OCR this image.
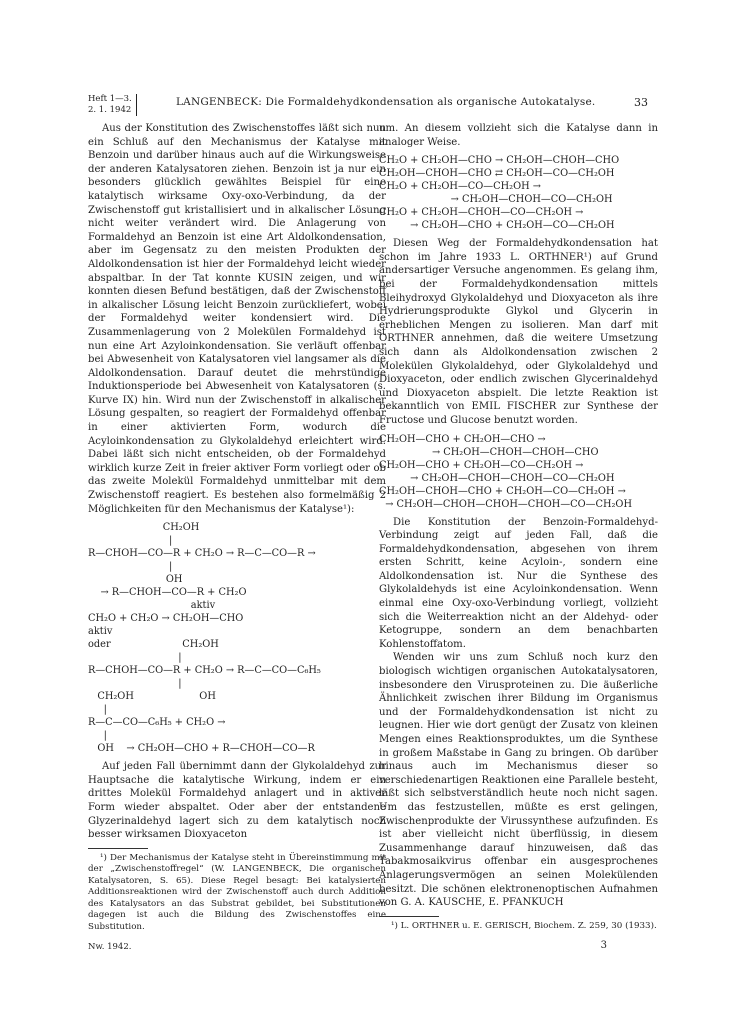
Heft 1—3.
2. 1. 1942
LANGENBECK: Die Formaldehydkondensation als organische Autokatalyse.	33

Aus der Konstitution des Zwischenstoffes läßt sich nun ein Schluß auf den Mechanismus der Katalyse mit Benzoin und darüber hinaus auch auf die Wirkungsweise der anderen Katalysatoren ziehen. Benzoin ist ja nur ein besonders glücklich gewähltes Beispiel für eine katalytisch wirksame Oxy-oxo-Verbindung, da der Zwischenstoff gut kristallisiert und in alkalischer Lösung nicht weiter verändert wird. Die Anlagerung von Formaldehyd an Benzoin ist eine Art Aldolkondensation, aber im Gegensatz zu den meisten Produkten der Aldolkondensation ist hier der Formaldehyd leicht wieder abspaltbar. In der Tat konnte KUSIN zeigen, und wir konnten diesen Befund bestätigen, daß der Zwischenstoff in alkalischer Lösung leicht Benzoin zurückliefert, wobei der Formaldehyd weiter kondensiert wird. Die Zusammenlagerung von 2 Molekülen Formaldehyd ist nun eine Art Azyloinkondensation. Sie verläuft offenbar bei Abwesenheit von Katalysatoren viel langsamer als die Aldolkondensation. Darauf deutet die mehrstündige Induktionsperiode bei Abwesenheit von Katalysatoren (s. Kurve IX) hin. Wird nun der Zwischenstoff in alkalischer Lösung gespalten, so reagiert der Formaldehyd offenbar in einer aktivierten Form, wodurch die Acyloinkondensation zu Glykolaldehyd erleichtert wird. Dabei läßt sich nicht entscheiden, ob der Formaldehyd wirklich kurze Zeit in freier aktiver Form vorliegt oder ob das zweite Molekül Formaldehyd unmittelbar mit dem Zwischenstoff reagiert. Es bestehen also formelmäßig 2 Möglichkeiten für den Mechanismus der Katalyse¹):

CH₂OH
|
R—CHOH—CO—R + CH₂O → R—C—CO—R →
|
OH
→ R—CHOH—CO—R + CH₂O
aktiv
CH₂O + CH₂O → CH₂OH—CHO
aktiv
oder                       CH₂OH
|
R—CHOH—CO—R + CH₂O → R—C—CO—C₆H₅
|
CH₂OH                     OH
|
R—C—CO—C₆H₅ + CH₂O →
|
OH    → CH₂OH—CHO + R—CHOH—CO—R

Auf jeden Fall übernimmt dann der Glykolaldehyd zur Hauptsache die katalytische Wirkung, indem er ein drittes Molekül Formaldehyd anlagert und in aktiver Form wieder abspaltet. Oder aber der entstandene Glyzerinaldehyd lagert sich zu dem katalytisch noch besser wirksamen Dioxyaceton

¹) Der Mechanismus der Katalyse steht in Übereinstimmung mit der „Zwischenstoffregel“ (W. LANGENBECK, Die organischen Katalysatoren, S. 65). Diese Regel besagt: Bei katalysierten Additionsreaktionen wird der Zwischenstoff auch durch Addition des Katalysators an das Substrat gebildet, bei Substitutionen dagegen ist auch die Bildung des Zwischenstoffes eine Substitution.

um. An diesem vollzieht sich die Katalyse dann in analoger Weise.

CH₂O + CH₂OH—CHO → CH₂OH—CHOH—CHO
CH₂OH—CHOH—CHO ⇄ CH₂OH—CO—CH₂OH
CH₂O + CH₂OH—CO—CH₂OH →
→ CH₂OH—CHOH—CO—CH₂OH
CH₂O + CH₂OH—CHOH—CO—CH₂OH →
→ CH₂OH—CHO + CH₂OH—CO—CH₂OH

Diesen Weg der Formaldehydkondensation hat schon im Jahre 1933 L. ORTHNER¹) auf Grund andersartiger Versuche angenommen. Es gelang ihm, bei der Formaldehydkondensation mittels Bleihydroxyd Glykolaldehyd und Dioxyaceton als ihre Hydrierungsprodukte Glykol und Glycerin in erheblichen Mengen zu isolieren. Man darf mit ORTHNER annehmen, daß die weitere Umsetzung sich dann als Aldolkondensation zwischen 2 Molekülen Glykolaldehyd, oder Glykolaldehyd und Dioxyaceton, oder endlich zwischen Glycerinaldehyd und Dioxyaceton abspielt. Die letzte Reaktion ist bekanntlich von EMIL FISCHER zur Synthese der Fructose und Glucose benutzt worden.

CH₂OH—CHO + CH₂OH—CHO →
→ CH₂OH—CHOH—CHOH—CHO
CH₂OH—CHO + CH₂OH—CO—CH₂OH →
→ CH₂OH—CHOH—CHOH—CO—CH₂OH
CH₂OH—CHOH—CHO + CH₂OH—CO—CH₂OH →
→ CH₂OH—CHOH—CHOH—CHOH—CO—CH₂OH

Die Konstitution der Benzoin-Formaldehyd-Verbindung zeigt auf jeden Fall, daß die Formaldehydkondensation, abgesehen von ihrem ersten Schritt, keine Acyloin-, sondern eine Aldolkondensation ist. Nur die Synthese des Glykolaldehyds ist eine Acyloinkondensation. Wenn einmal eine Oxy-oxo-Verbindung vorliegt, vollzieht sich die Weiterreaktion nicht an der Aldehyd- oder Ketogruppe, sondern an dem benachbarten Kohlenstoffatom.

Wenden wir uns zum Schluß noch kurz den biologisch wichtigen organischen Autokatalysatoren, insbesondere den Virusproteinen zu. Die äußerliche Ähnlichkeit zwischen ihrer Bildung im Organismus und der Formaldehydkondensation ist nicht zu leugnen. Hier wie dort genügt der Zusatz von kleinen Mengen eines Reaktionsproduktes, um die Synthese in großem Maßstabe in Gang zu bringen. Ob darüber hinaus auch im Mechanismus dieser so verschiedenartigen Reaktionen eine Parallele besteht, läßt sich selbstverständlich heute noch nicht sagen. Um das festzustellen, müßte es erst gelingen, Zwischenprodukte der Virussynthese aufzufinden. Es ist aber vielleicht nicht überflüssig, in diesem Zusammenhange darauf hinzuweisen, daß das Tabakmosaikvirus offenbar ein ausgesprochenes Anlagerungsvermögen an seinen Molekülenden besitzt. Die schönen elektronenoptischen Aufnahmen von G. A. KAUSCHE, E. PFANKUCH

¹) L. ORTHNER u. E. GERISCH, Biochem. Z. 259, 30 (1933).

Nw. 1942.	3
